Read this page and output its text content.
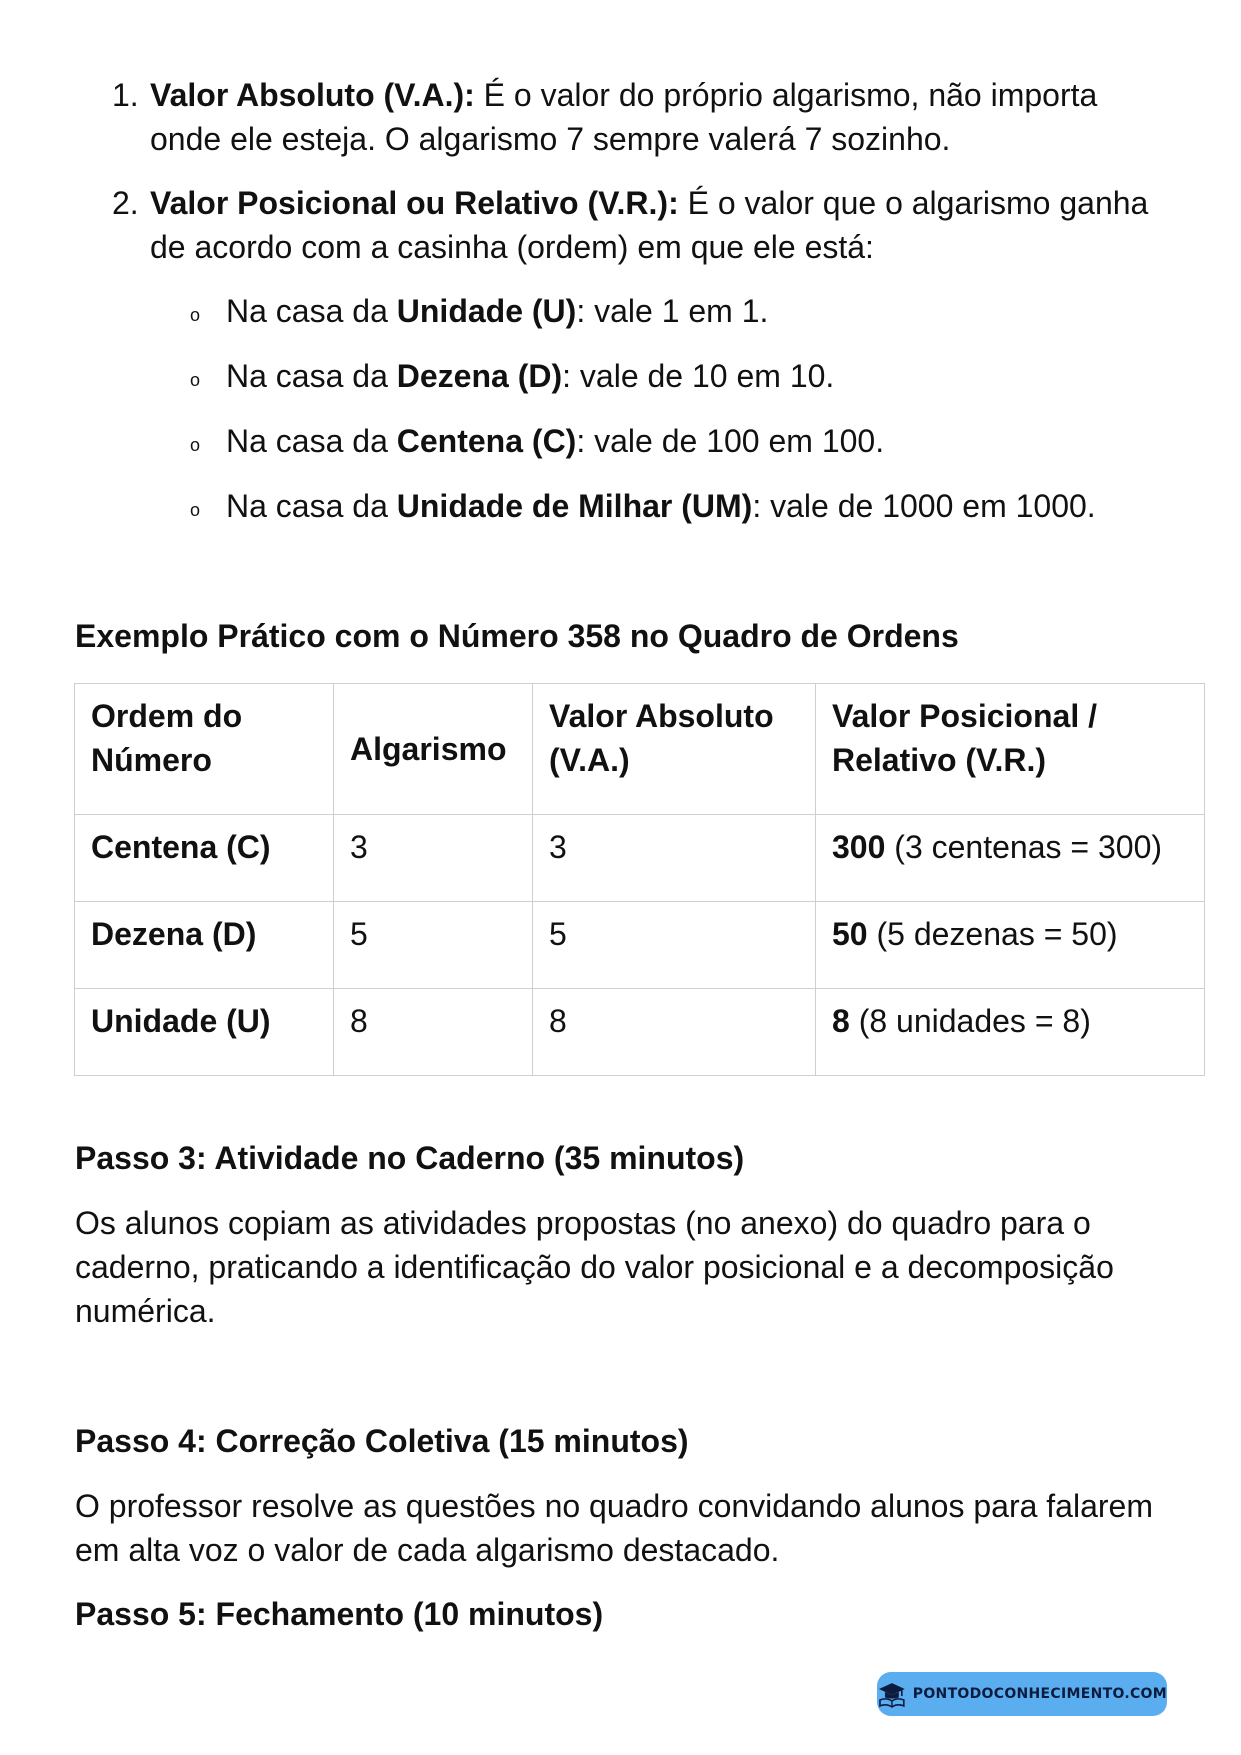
1. Valor Absoluto (V.A.): É o valor do próprio algarismo, não importa onde ele esteja. O algarismo 7 sempre valerá 7 sozinho.
2. Valor Posicional ou Relativo (V.R.): É o valor que o algarismo ganha de acordo com a casinha (ordem) em que ele está:
o Na casa da Unidade (U): vale 1 em 1.
o Na casa da Dezena (D): vale de 10 em 10.
o Na casa da Centena (C): vale de 100 em 100.
o Na casa da Unidade de Milhar (UM): vale de 1000 em 1000.
Exemplo Prático com o Número 358 no Quadro de Ordens
Ordem do Número	Algarismo	Valor Absoluto (V.A.)	Valor Posicional / Relativo (V.R.)
Centena (C)	3	3	300 (3 centenas = 300)
Dezena (D)	5	5	50 (5 dezenas = 50)
Unidade (U)	8	8	8 (8 unidades = 8)
Passo 3: Atividade no Caderno (35 minutos)
Os alunos copiam as atividades propostas (no anexo) do quadro para o caderno, praticando a identificação do valor posicional e a decomposição numérica.
Passo 4: Correção Coletiva (15 minutos)
O professor resolve as questões no quadro convidando alunos para falarem em alta voz o valor de cada algarismo destacado.
Passo 5: Fechamento (10 minutos)
PONTODOCONHECIMENTO.COM
